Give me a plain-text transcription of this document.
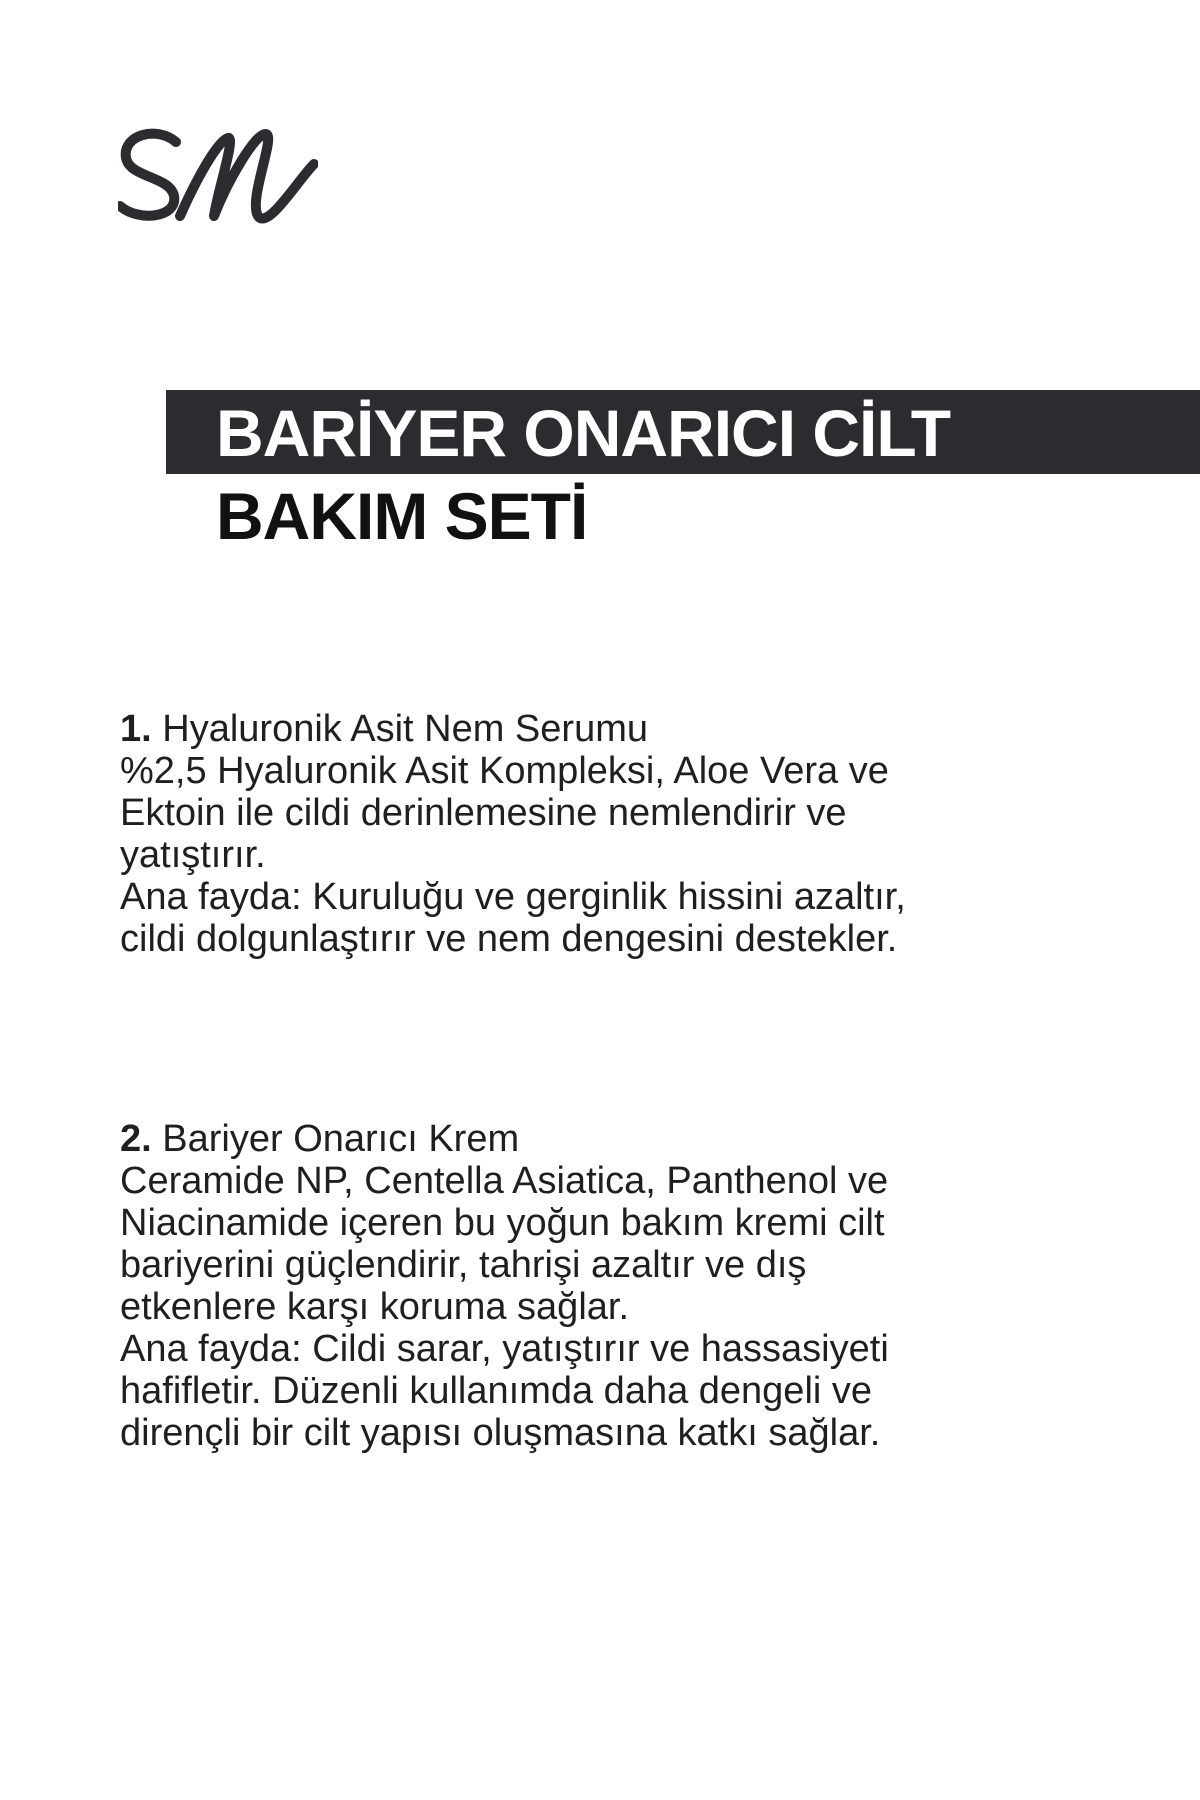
BARİYER ONARICI CİLT
BAKIM SETİ

1. Hyaluronik Asit Nem Serumu

%2,5 Hyaluronik Asit Kompleksi, Aloe Vera ve

Ektoin ile cildi derinlemesine nemlendirir ve

yatıştırır.

Ana fayda: Kuruluğu ve gerginlik hissini azaltır,

cildi dolgunlaştırır ve nem dengesini destekler.

2. Bariyer Onarıcı Krem

Ceramide NP, Centella Asiatica, Panthenol ve

Niacinamide içeren bu yoğun bakım kremi cilt

bariyerini güçlendirir, tahrişi azaltır ve dış

etkenlere karşı koruma sağlar.

Ana fayda: Cildi sarar, yatıştırır ve hassasiyeti

hafifletir. Düzenli kullanımda daha dengeli ve

dirençli bir cilt yapısı oluşmasına katkı sağlar.
